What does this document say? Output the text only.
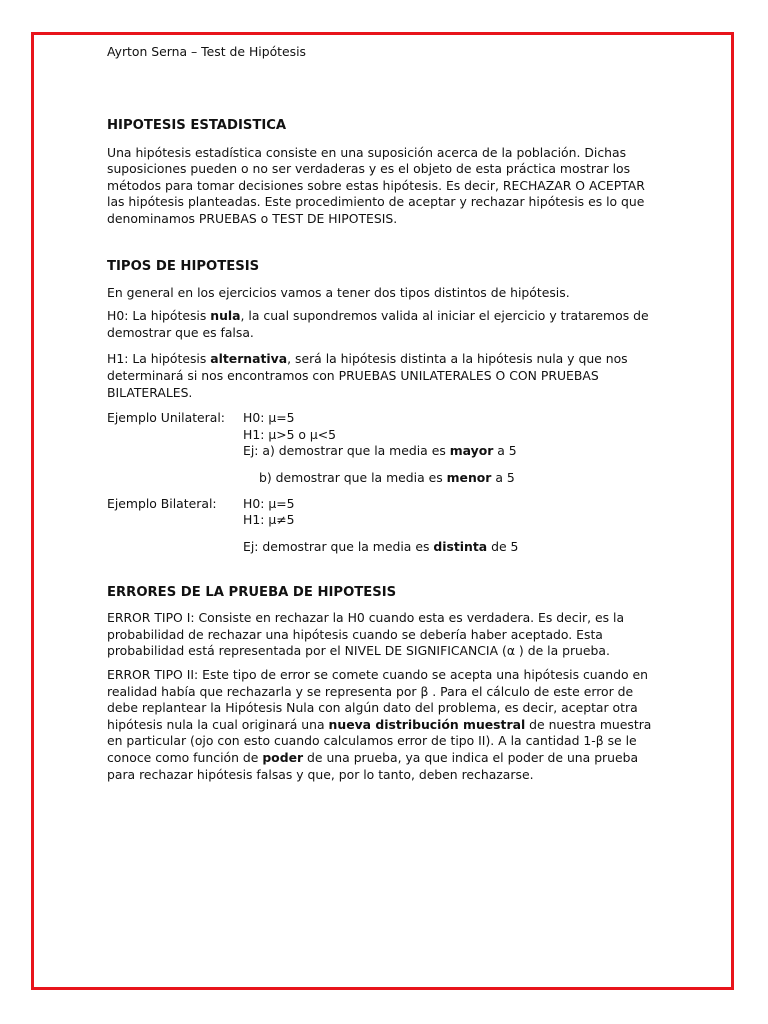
Ayrton Serna – Test de Hipótesis

HIPOTESIS ESTADISTICA

Una hipótesis estadística consiste en una suposición acerca de la población. Dichas suposiciones pueden o no ser verdaderas y es el objeto de esta práctica mostrar los métodos para tomar decisiones sobre estas hipótesis. Es decir, RECHAZAR O ACEPTAR las hipótesis planteadas. Este procedimiento de aceptar y rechazar hipótesis es lo que denominamos PRUEBAS o TEST DE HIPOTESIS.

TIPOS DE HIPOTESIS

En general en los ejercicios vamos a tener dos tipos distintos de hipótesis.

H0: La hipótesis nula, la cual supondremos valida al iniciar el ejercicio y trataremos de demostrar que es falsa.

H1: La hipótesis alternativa, será la hipótesis distinta a la hipótesis nula y que nos determinará si nos encontramos con PRUEBAS UNILATERALES O CON PRUEBAS BILATERALES.

Ejemplo Unilateral:	H0: μ=5
H1: μ>5 o μ<5
Ej: a) demostrar que la media es mayor a 5
b) demostrar que la media es menor a 5
Ejemplo Bilateral:	H0: μ=5
H1: μ≠5
Ej: demostrar que la media es distinta de 5
ERRORES DE LA PRUEBA DE HIPOTESIS

ERROR TIPO I: Consiste en rechazar la H0 cuando esta es verdadera. Es decir, es la probabilidad de rechazar una hipótesis cuando se debería haber aceptado. Esta probabilidad está representada por el NIVEL DE SIGNIFICANCIA (α ) de la prueba.

ERROR TIPO II: Este tipo de error se comete cuando se acepta una hipótesis cuando en realidad había que rechazarla y se representa por β . Para el cálculo de este error de debe replantear la Hipótesis Nula con algún dato del problema, es decir, aceptar otra hipótesis nula la cual originará una nueva distribución muestral de nuestra muestra en particular (ojo con esto cuando calculamos error de tipo II). A la cantidad 1-β se le conoce como función de poder de una prueba, ya que indica el poder de una prueba para rechazar hipótesis falsas y que, por lo tanto, deben rechazarse.
